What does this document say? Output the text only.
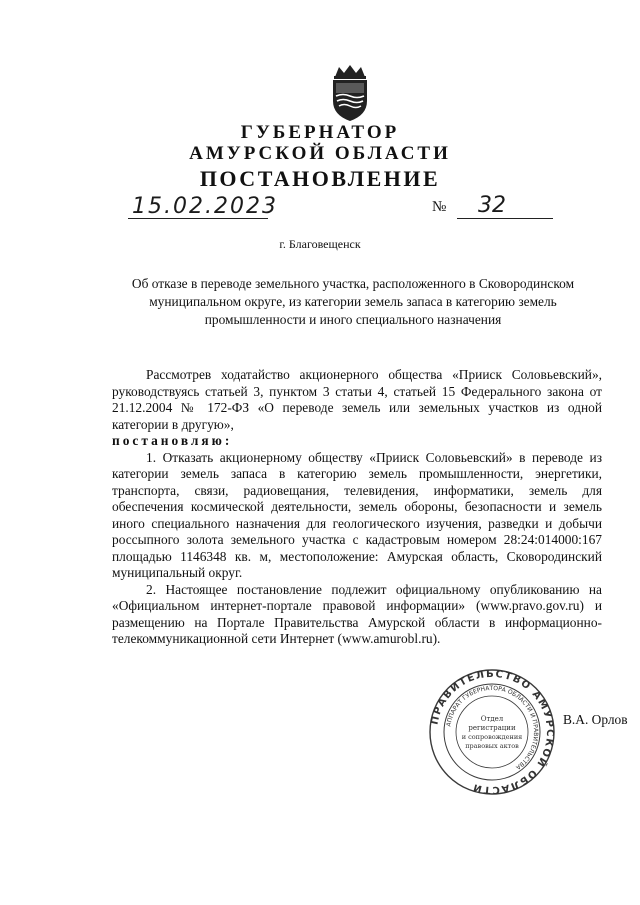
ГУБЕРНАТОР
АМУРСКОЙ ОБЛАСТИ
ПОСТАНОВЛЕНИЕ
15.02.2023	№ 32
г. Благовещенск
Об отказе в переводе земельного участка, расположенного в Сковородинском муниципальном округе, из категории земель запаса в категорию земель промышленности и иного специального назначения

Рассмотрев ходатайство акционерного общества «Прииск Соловьевский», руководствуясь статьей 3, пунктом 3 статьи 4, статьей 15 Федерального закона от 21.12.2004 № 172-ФЗ «О переводе земель или земельных участков из одной категории в другую»,

постановляю:

1. Отказать акционерному обществу «Прииск Соловьевский» в переводе из категории земель запаса в категорию земель промышленности, энергетики, транспорта, связи, радиовещания, телевидения, информатики, земель для обеспечения космической деятельности, земель обороны, безопасности и земель иного специального назначения для геологического изучения, разведки и добычи россыпного золота земельного участка с кадастровым номером 28:24:014000:167 площадью 1146348 кв. м, местоположение: Амурская область, Сковородинский муниципальный округ.

2. Настоящее постановление подлежит официальному опубликованию на «Официальном интернет-портале правовой информации» (www.pravo.gov.ru) и размещению на Портале Правительства Амурской области в информационно-телекоммуникационной сети Интернет (www.amurobl.ru).

ПРАВИТЕЛЬСТВО АМУРСКОЙ ОБЛАСТИ
АППАРАТ ГУБЕРНАТОРА ОБЛАСТИ И ПРАВИТЕЛЬСТВА
Отдел
регистрации
и сопровождения
правовых актов
В.А. Орлов
